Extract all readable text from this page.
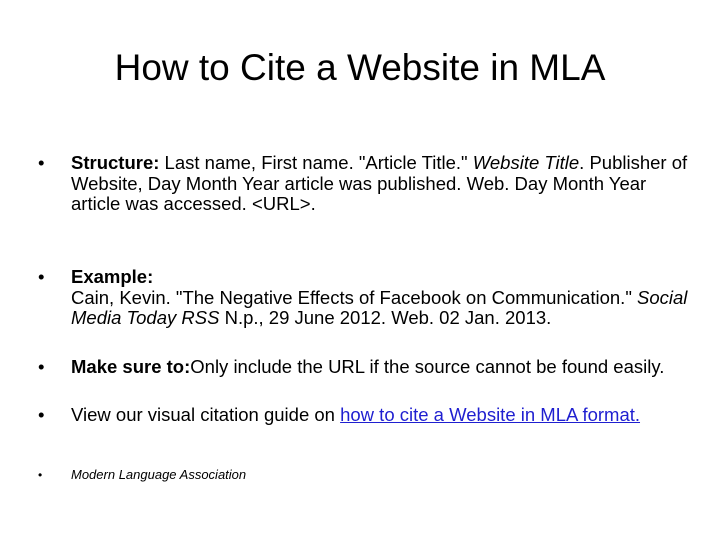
How to Cite a Website in MLA
•	Structure: Last name, First name. "Article Title." Website Title. Publisher of Website, Day Month Year article was published. Web. Day Month Year article was accessed. <URL>.
•	Example:
Cain, Kevin. "The Negative Effects of Facebook on Communication." Social Media Today RSS N.p., 29 June 2012. Web. 02 Jan. 2013.
•	Make sure to:Only include the URL if the source cannot be found easily.
•	View our visual citation guide on how to cite a Website in MLA format.
•	Modern Language Association
